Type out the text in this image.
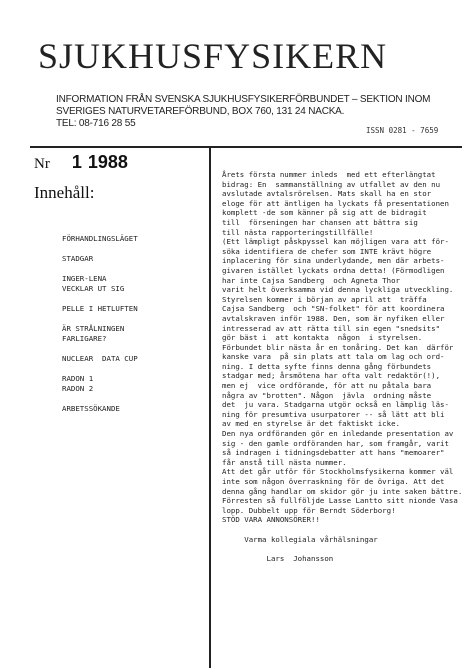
SJUKHUSFYSIKERN
INFORMATION FRÅN SVENSKA SJUKHUSFYSIKERFÖRBUNDET – SEKTION INOM
SVERIGES NATURVETAREFÖRBUND, BOX 760, 131 24 NACKA.
TEL: 08-716 28 55
ISSN 0281 - 7659
Nr 1 1988
Innehåll:
FÖRHANDLINGSLÄGET
STADGAR
INGER-LENA
VECKLAR UT SIG
PELLE I HETLUFTEN
ÄR STRÅLNINGEN
FARLIGARE?
NUCLEAR  DATA CUP
RADON 1
RADON 2
ARBETSSÖKANDE
Årets första nummer inleds  med ett efterlängtat
bidrag: En  sammanställning av utfallet av den nu
avslutade avtalsrörelsen. Mats skall ha en stor
eloge för att äntligen ha lyckats få presentationen
komplett -de som känner på sig att de bidragit
till  förseningen har chansen att bättra sig
till nästa rapporteringstillfälle!
(Ett lämpligt påskpyssel kan möjligen vara att för-
söka identifiera de chefer som INTE krävt högre
inplacering för sina underlydande, men där arbets-
givaren istället lyckats ordna detta! (Förmodligen
har inte Cajsa Sandberg  och Agneta Thor
varit helt överksamma vid denna lyckliga utveckling.
Styrelsen kommer i början av april att  träffa
Cajsa Sandberg  och "SN-folket" för att koordinera
avtalskraven inför 1988. Den, som är nyfiken eller
intresserad av att rätta till sin egen "snedsits"
gör bäst i  att kontakta  någon  i styrelsen.
Förbundet blir nästa år en tonåring. Det kan  därför
kanske vara  på sin plats att tala om lag och ord-
ning. I detta syfte finns denna gång förbundets
stadgar med; årsmötena har ofta valt redaktör(!),
men ej  vice ordförande, för att nu påtala bara
några av "brotten". Någon  jävla  ordning måste
det  ju vara. Stadgarna utgör också en lämplig läs-
ning för presumtiva usurpatorer -- så lätt att bli
av med en styrelse är det faktiskt icke.
Den nya ordföranden gör en inledande presentation av
sig - den gamle ordföranden har, som framgår, varit
så indragen i tidningsdebatter att hans "memoarer"
får anstå till nästa nummer.
Att det går utför för Stockholmsfysikerna kommer väl
inte som någon överraskning för de övriga. Att det
denna gång handlar om skidor gör ju inte saken bättre.
Förresten så fullföljde Lasse Lantto sitt nionde Vasa
lopp. Dubbelt upp för Berndt Söderborg!
STÖD VARA ANNONSÖRER!!

Varma kollegiala vårhälsningar

Lars  Johansson
